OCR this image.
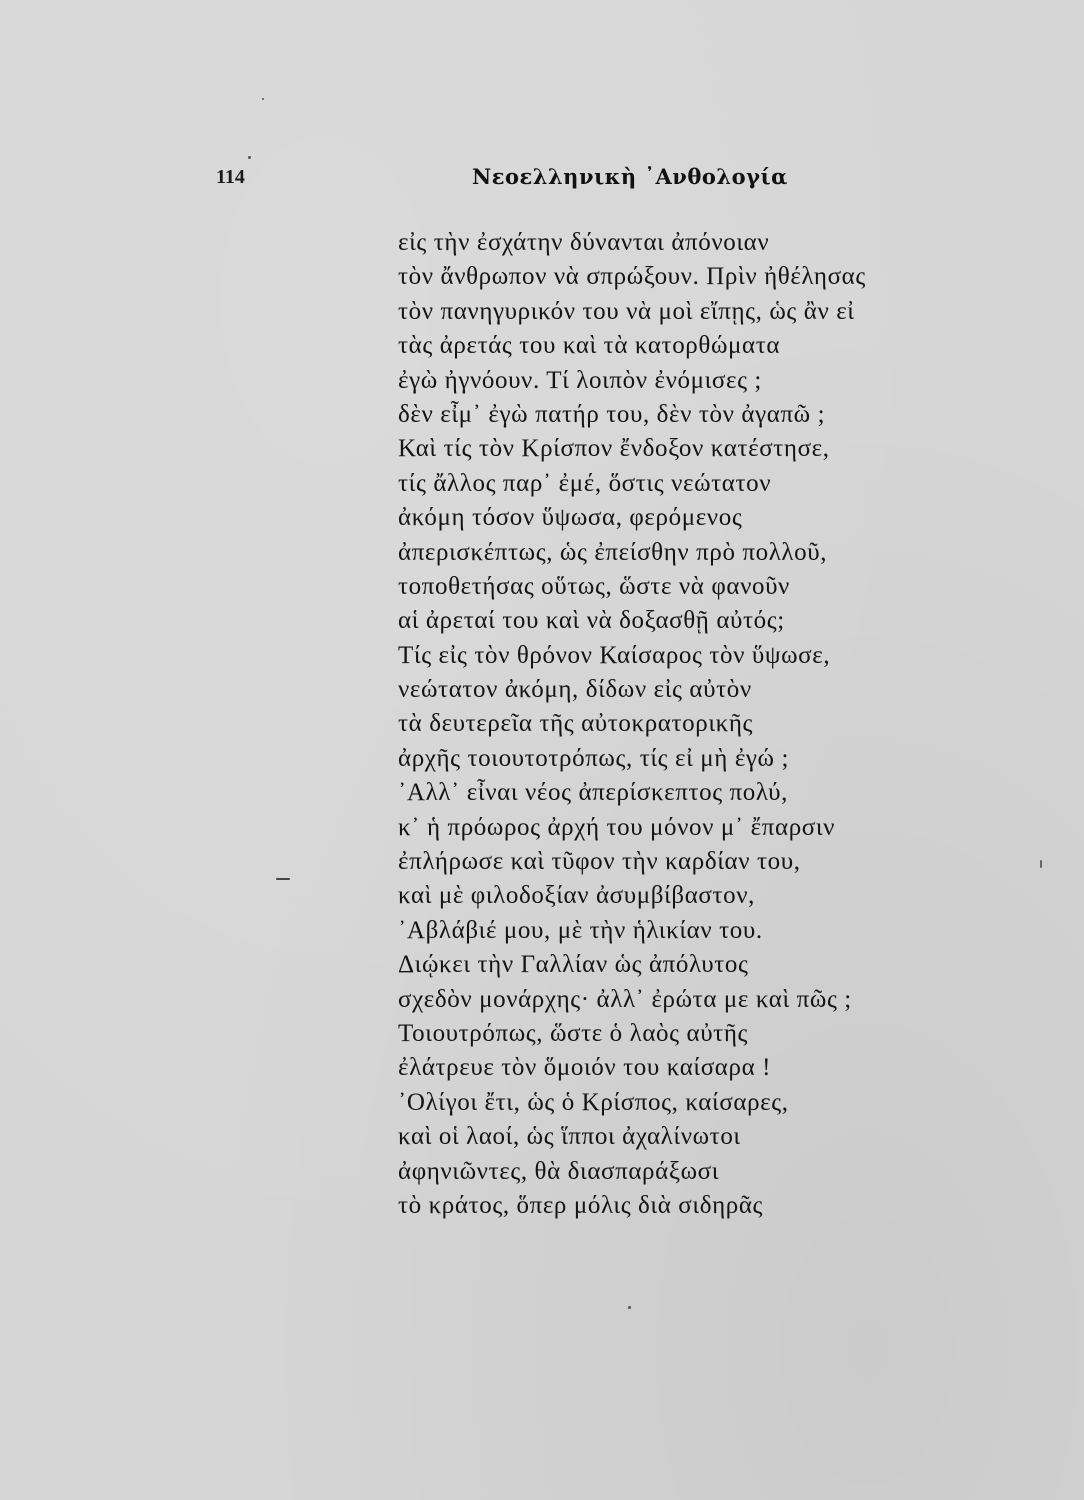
114	Νεοελληνικὴ ᾿Ανθολογία
εἰς τὴν ἐσχάτην δύνανται ἀπόνοιαν
τὸν ἄνθρωπον νὰ σπρώξουν. Πρὶν ἠθέλησας
τὸν πανηγυρικόν του νὰ μοὶ εἴπῃς, ὡς ἂν εἰ
τὰς ἀρετάς του καὶ τὰ κατορθώματα
ἐγὼ ἠγνόουν. Τί λοιπὸν ἐνόμισες ;
δὲν εἶμ᾽ ἐγὼ πατήρ του, δὲν τὸν ἀγαπῶ ;
Καὶ τίς τὸν Κρίσπον ἔνδοξον κατέστησε,
τίς ἄλλος παρ᾽ ἐμέ, ὅστις νεώτατον
ἀκόμη τόσον ὕψωσα, φερόμενος
ἀπερισκέπτως, ὡς ἐπείσθην πρὸ πολλοῦ,
τοποθετήσας οὕτως, ὥστε νὰ φανοῦν
αἱ ἀρεταί του καὶ νὰ δοξασθῇ αὐτός;
Τίς εἰς τὸν θρόνον Καίσαρος τὸν ὕψωσε,
νεώτατον ἀκόμη, δίδων εἰς αὐτὸν
τὰ δευτερεῖα τῆς αὐτοκρατορικῆς
ἀρχῆς τοιουτοτρόπως, τίς εἰ μὴ ἐγώ ;
᾿Αλλ᾽ εἶναι νέος ἀπερίσκεπτος πολύ,
κ᾽ ἡ πρόωρος ἀρχή του μόνον μ᾽ ἔπαρσιν
ἐπλήρωσε καὶ τῦφον τὴν καρδίαν του,
καὶ μὲ φιλοδοξίαν ἀσυμβίβαστον,
᾿Αβλάβιέ μου, μὲ τὴν ἡλικίαν του.
Διῴκει τὴν Γαλλίαν ὡς ἀπόλυτος
σχεδὸν μονάρχης· ἀλλ᾽ ἐρώτα με καὶ πῶς ;
Τοιουτρόπως, ὥστε ὁ λαὸς αὐτῆς
ἐλάτρευε τὸν ὅμοιόν του καίσαρα !
᾿Ολίγοι ἔτι, ὡς ὁ Κρίσπος, καίσαρες,
καὶ οἱ λαοί, ὡς ἵπποι ἀχαλίνωτοι
ἀφηνιῶντες, θὰ διασπαράξωσι
τὸ κράτος, ὅπερ μόλις διὰ σιδηρᾶς
